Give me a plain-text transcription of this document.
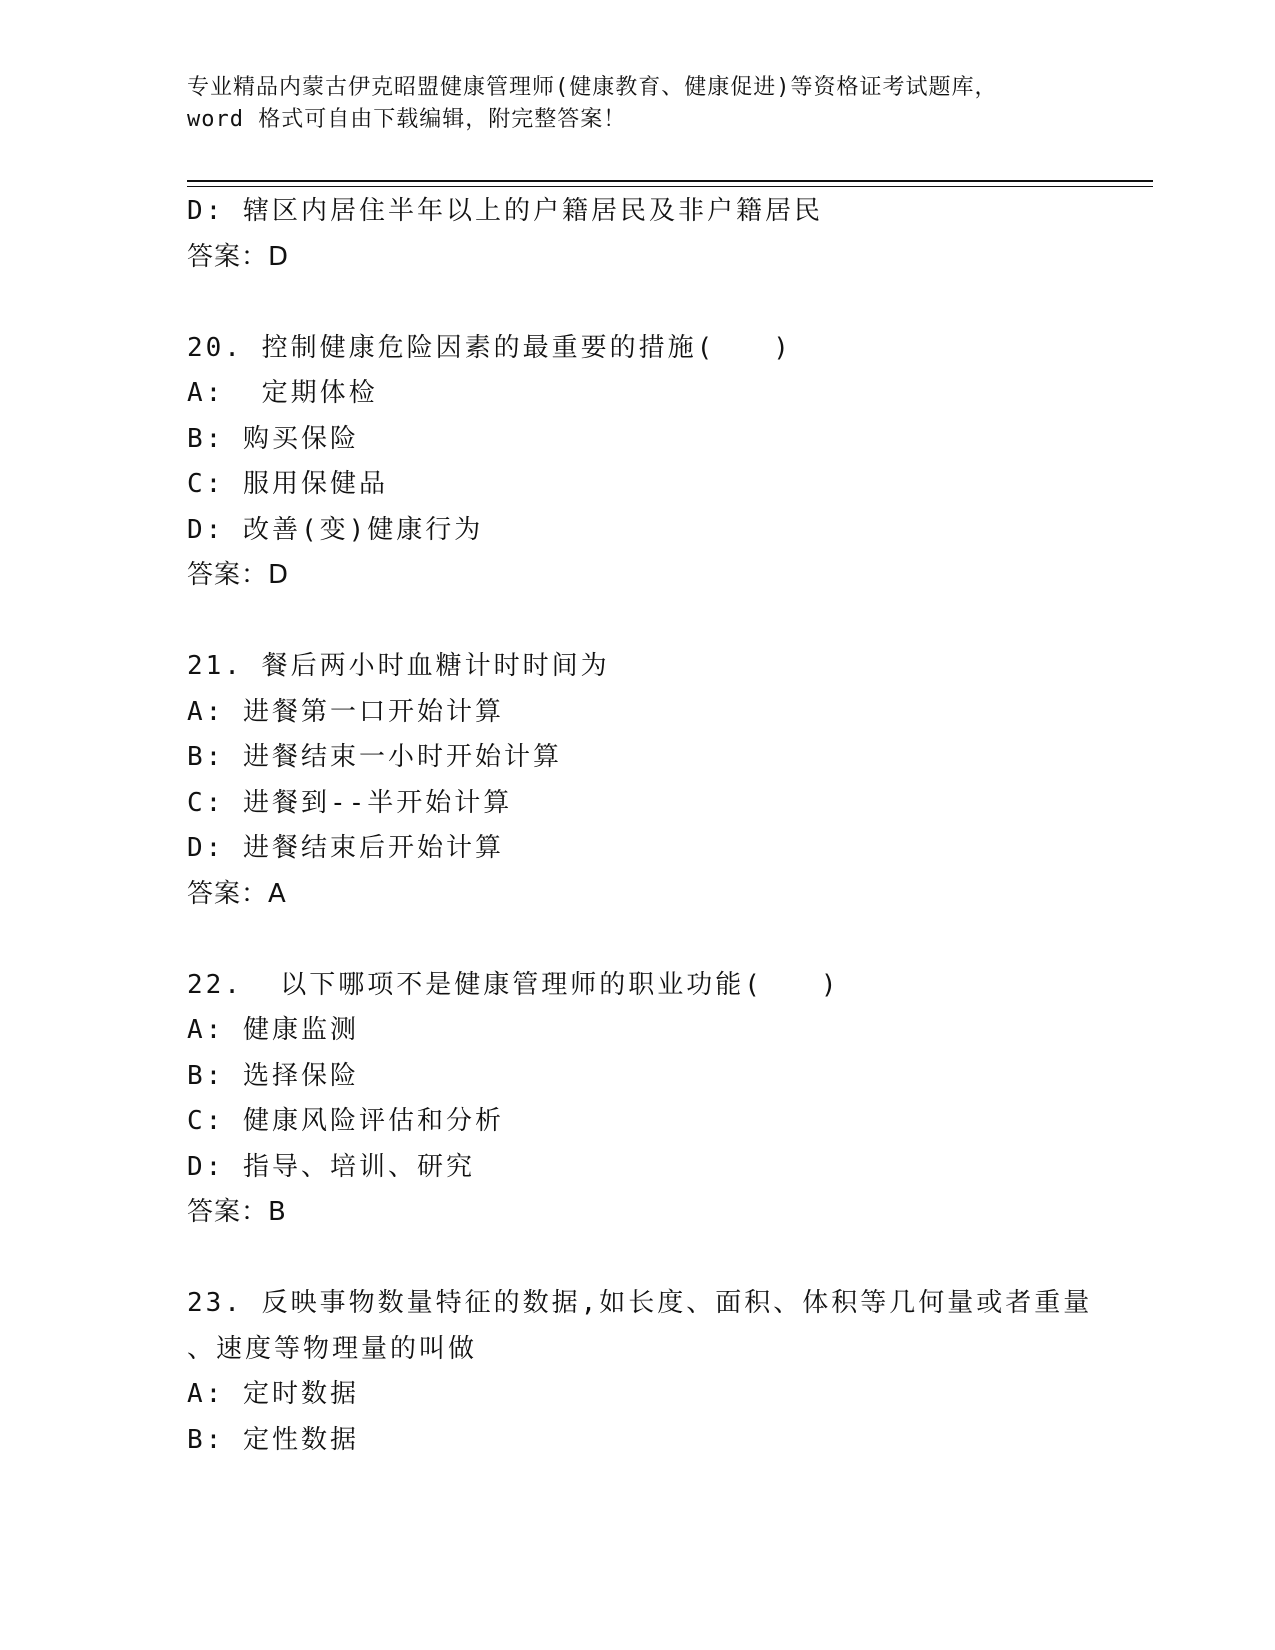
专业精品内蒙古伊克昭盟健康管理师(健康教育、健康促进)等资格证考试题库，
word 格式可自由下载编辑，附完整答案！
D: 辖区内居住半年以上的户籍居民及非户籍居民
答案：D
20. 控制健康危险因素的最重要的措施(　　)
A:  定期体检
B: 购买保险
C: 服用保健品
D: 改善(变)健康行为
答案：D
21. 餐后两小时血糖计时时间为
A: 进餐第一口开始计算
B: 进餐结束一小时开始计算
C: 进餐到--半开始计算
D: 进餐结束后开始计算
答案：A
22.  以下哪项不是健康管理师的职业功能(　　)
A: 健康监测
B: 选择保险
C: 健康风险评估和分析
D: 指导、培训、研究
答案：B
23. 反映事物数量特征的数据,如长度、面积、体积等几何量或者重量
、速度等物理量的叫做
A: 定时数据
B: 定性数据
